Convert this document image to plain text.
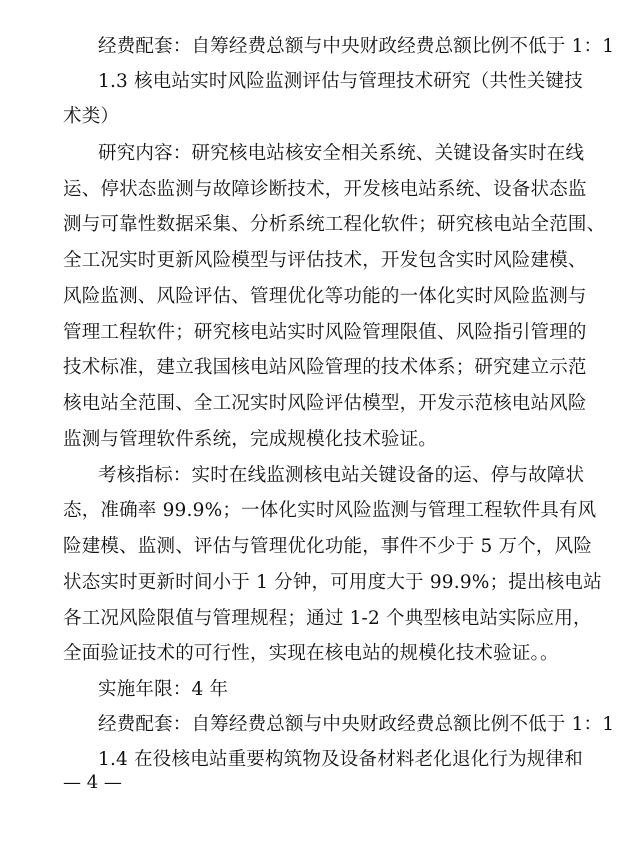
经费配套：自筹经费总额与中央财政经费总额比例不低于 1：1
1.3 核电站实时风险监测评估与管理技术研究（共性关键技
术类）
研究内容：研究核电站核安全相关系统、关键设备实时在线
运、停状态监测与故障诊断技术，开发核电站系统、设备状态监
测与可靠性数据采集、分析系统工程化软件；研究核电站全范围、
全工况实时更新风险模型与评估技术，开发包含实时风险建模、
风险监测、风险评估、管理优化等功能的一体化实时风险监测与
管理工程软件；研究核电站实时风险管理限值、风险指引管理的
技术标准，建立我国核电站风险管理的技术体系；研究建立示范
核电站全范围、全工况实时风险评估模型，开发示范核电站风险
监测与管理软件系统，完成规模化技术验证。
考核指标：实时在线监测核电站关键设备的运、停与故障状
态，准确率 99.9%；一体化实时风险监测与管理工程软件具有风
险建模、监测、评估与管理优化功能，事件不少于 5 万个，风险
状态实时更新时间小于 1 分钟，可用度大于 99.9%；提出核电站
各工况风险限值与管理规程；通过 1-2 个典型核电站实际应用，
全面验证技术的可行性，实现在核电站的规模化技术验证。。
实施年限：4 年
经费配套：自筹经费总额与中央财政经费总额比例不低于 1：1
1.4 在役核电站重要构筑物及设备材料老化退化行为规律和
— 4 —
